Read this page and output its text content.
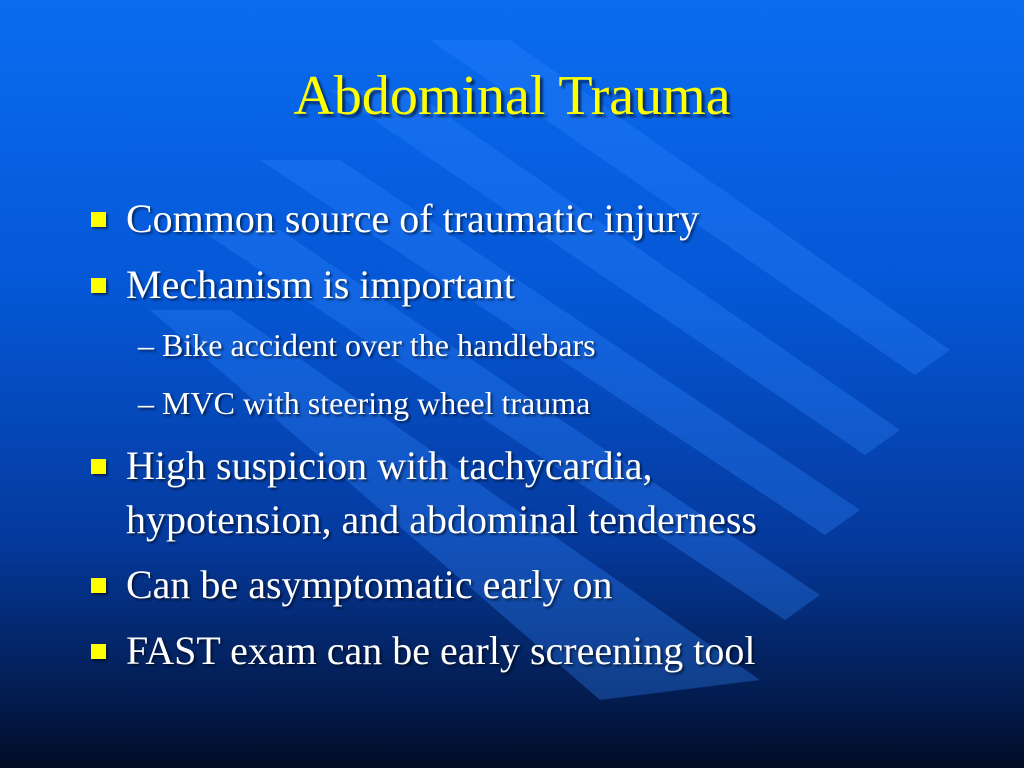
Abdominal Trauma
Common source of traumatic injury
Mechanism is important
– Bike accident over the handlebars
– MVC with steering wheel trauma
High suspicion with tachycardia,
hypotension, and abdominal tenderness
Can be asymptomatic early on
FAST exam can be early screening tool
